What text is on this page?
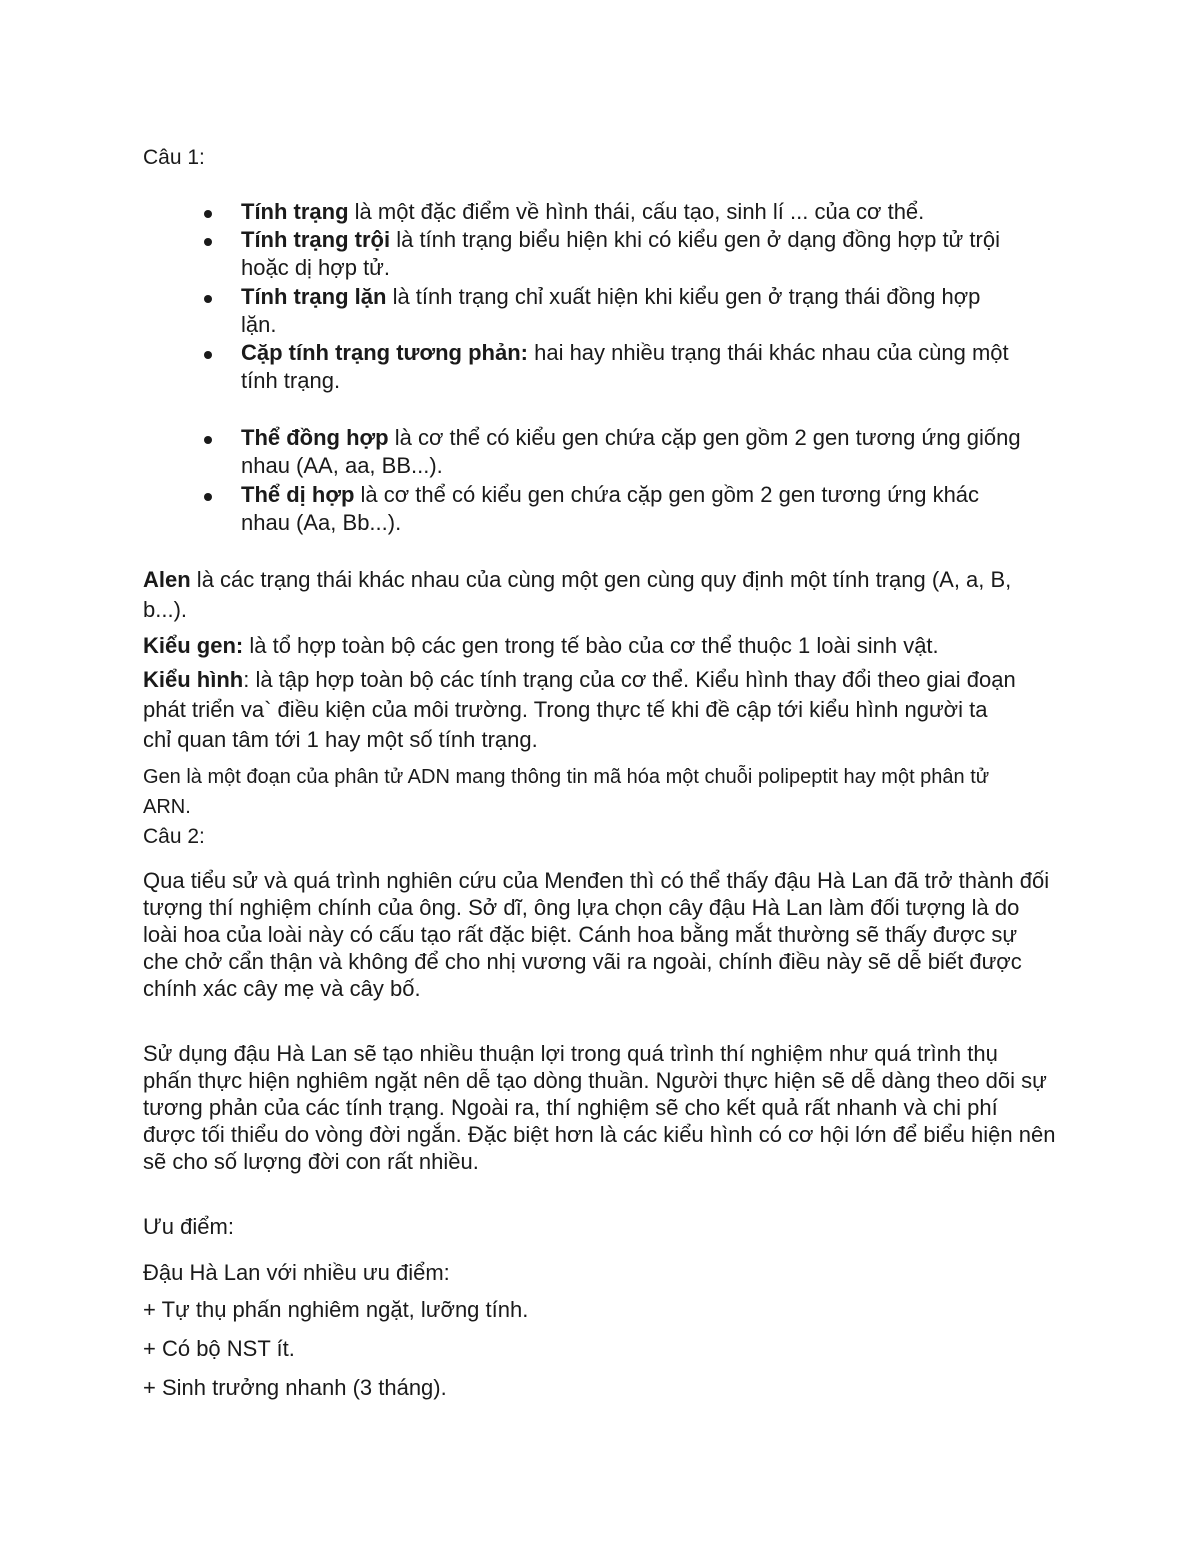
Câu 1:
Tính trạng là một đặc điểm về hình thái, cấu tạo, sinh lí ... của cơ thể.
Tính trạng trội là tính trạng biểu hiện khi có kiểu gen ở dạng đồng hợp tử trội
hoặc dị hợp tử.
Tính trạng lặn là tính trạng chỉ xuất hiện khi kiểu gen ở trạng thái đồng hợp
lặn.
Cặp tính trạng tương phản: hai hay nhiều trạng thái khác nhau của cùng một
tính trạng.
Thể đồng hợp là cơ thể có kiểu gen chứa cặp gen gồm 2 gen tương ứng giống
nhau (AA, aa, BB...).
Thể dị hợp là cơ thể có kiểu gen chứa cặp gen gồm 2 gen tương ứng khác
nhau (Aa, Bb...).
Alen là các trạng thái khác nhau của cùng một gen cùng quy định một tính trạng (A, a, B,
b...).
Kiểu gen: là tổ hợp toàn bộ các gen trong tế bào của cơ thể thuộc 1 loài sinh vật.
Kiểu hình: là tập hợp toàn bộ các tính trạng của cơ thể. Kiểu hình thay đổi theo giai đoạn
phát triển va` điều kiện của môi trường. Trong thực tế khi đề cập tới kiểu hình người ta
chỉ quan tâm tới 1 hay một số tính trạng.
Gen là một đoạn của phân tử ADN mang thông tin mã hóa một chuỗi polipeptit hay một phân tử
ARN.
Câu 2:
Qua tiểu sử và quá trình nghiên cứu của Menđen thì có thể thấy đậu Hà Lan đã trở thành đối
tượng thí nghiệm chính của ông. Sở dĩ, ông lựa chọn cây đậu Hà Lan làm đối tượng là do
loài hoa của loài này có cấu tạo rất đặc biệt. Cánh hoa bằng mắt thường sẽ thấy được sự
che chở cẩn thận và không để cho nhị vương vãi ra ngoài, chính điều này sẽ dễ biết được
chính xác cây mẹ và cây bố.
Sử dụng đậu Hà Lan sẽ tạo nhiều thuận lợi trong quá trình thí nghiệm như quá trình thụ
phấn thực hiện nghiêm ngặt nên dễ tạo dòng thuần. Người thực hiện sẽ dễ dàng theo dõi sự
tương phản của các tính trạng. Ngoài ra, thí nghiệm sẽ cho kết quả rất nhanh và chi phí
được tối thiểu do vòng đời ngắn. Đặc biệt hơn là các kiểu hình có cơ hội lớn để biểu hiện nên
sẽ cho số lượng đời con rất nhiều.
Ưu điểm:
Đậu Hà Lan với nhiều ưu điểm:
+ Tự thụ phấn nghiêm ngặt, lưỡng tính.
+ Có bộ NST ít.
+ Sinh trưởng nhanh (3 tháng).
